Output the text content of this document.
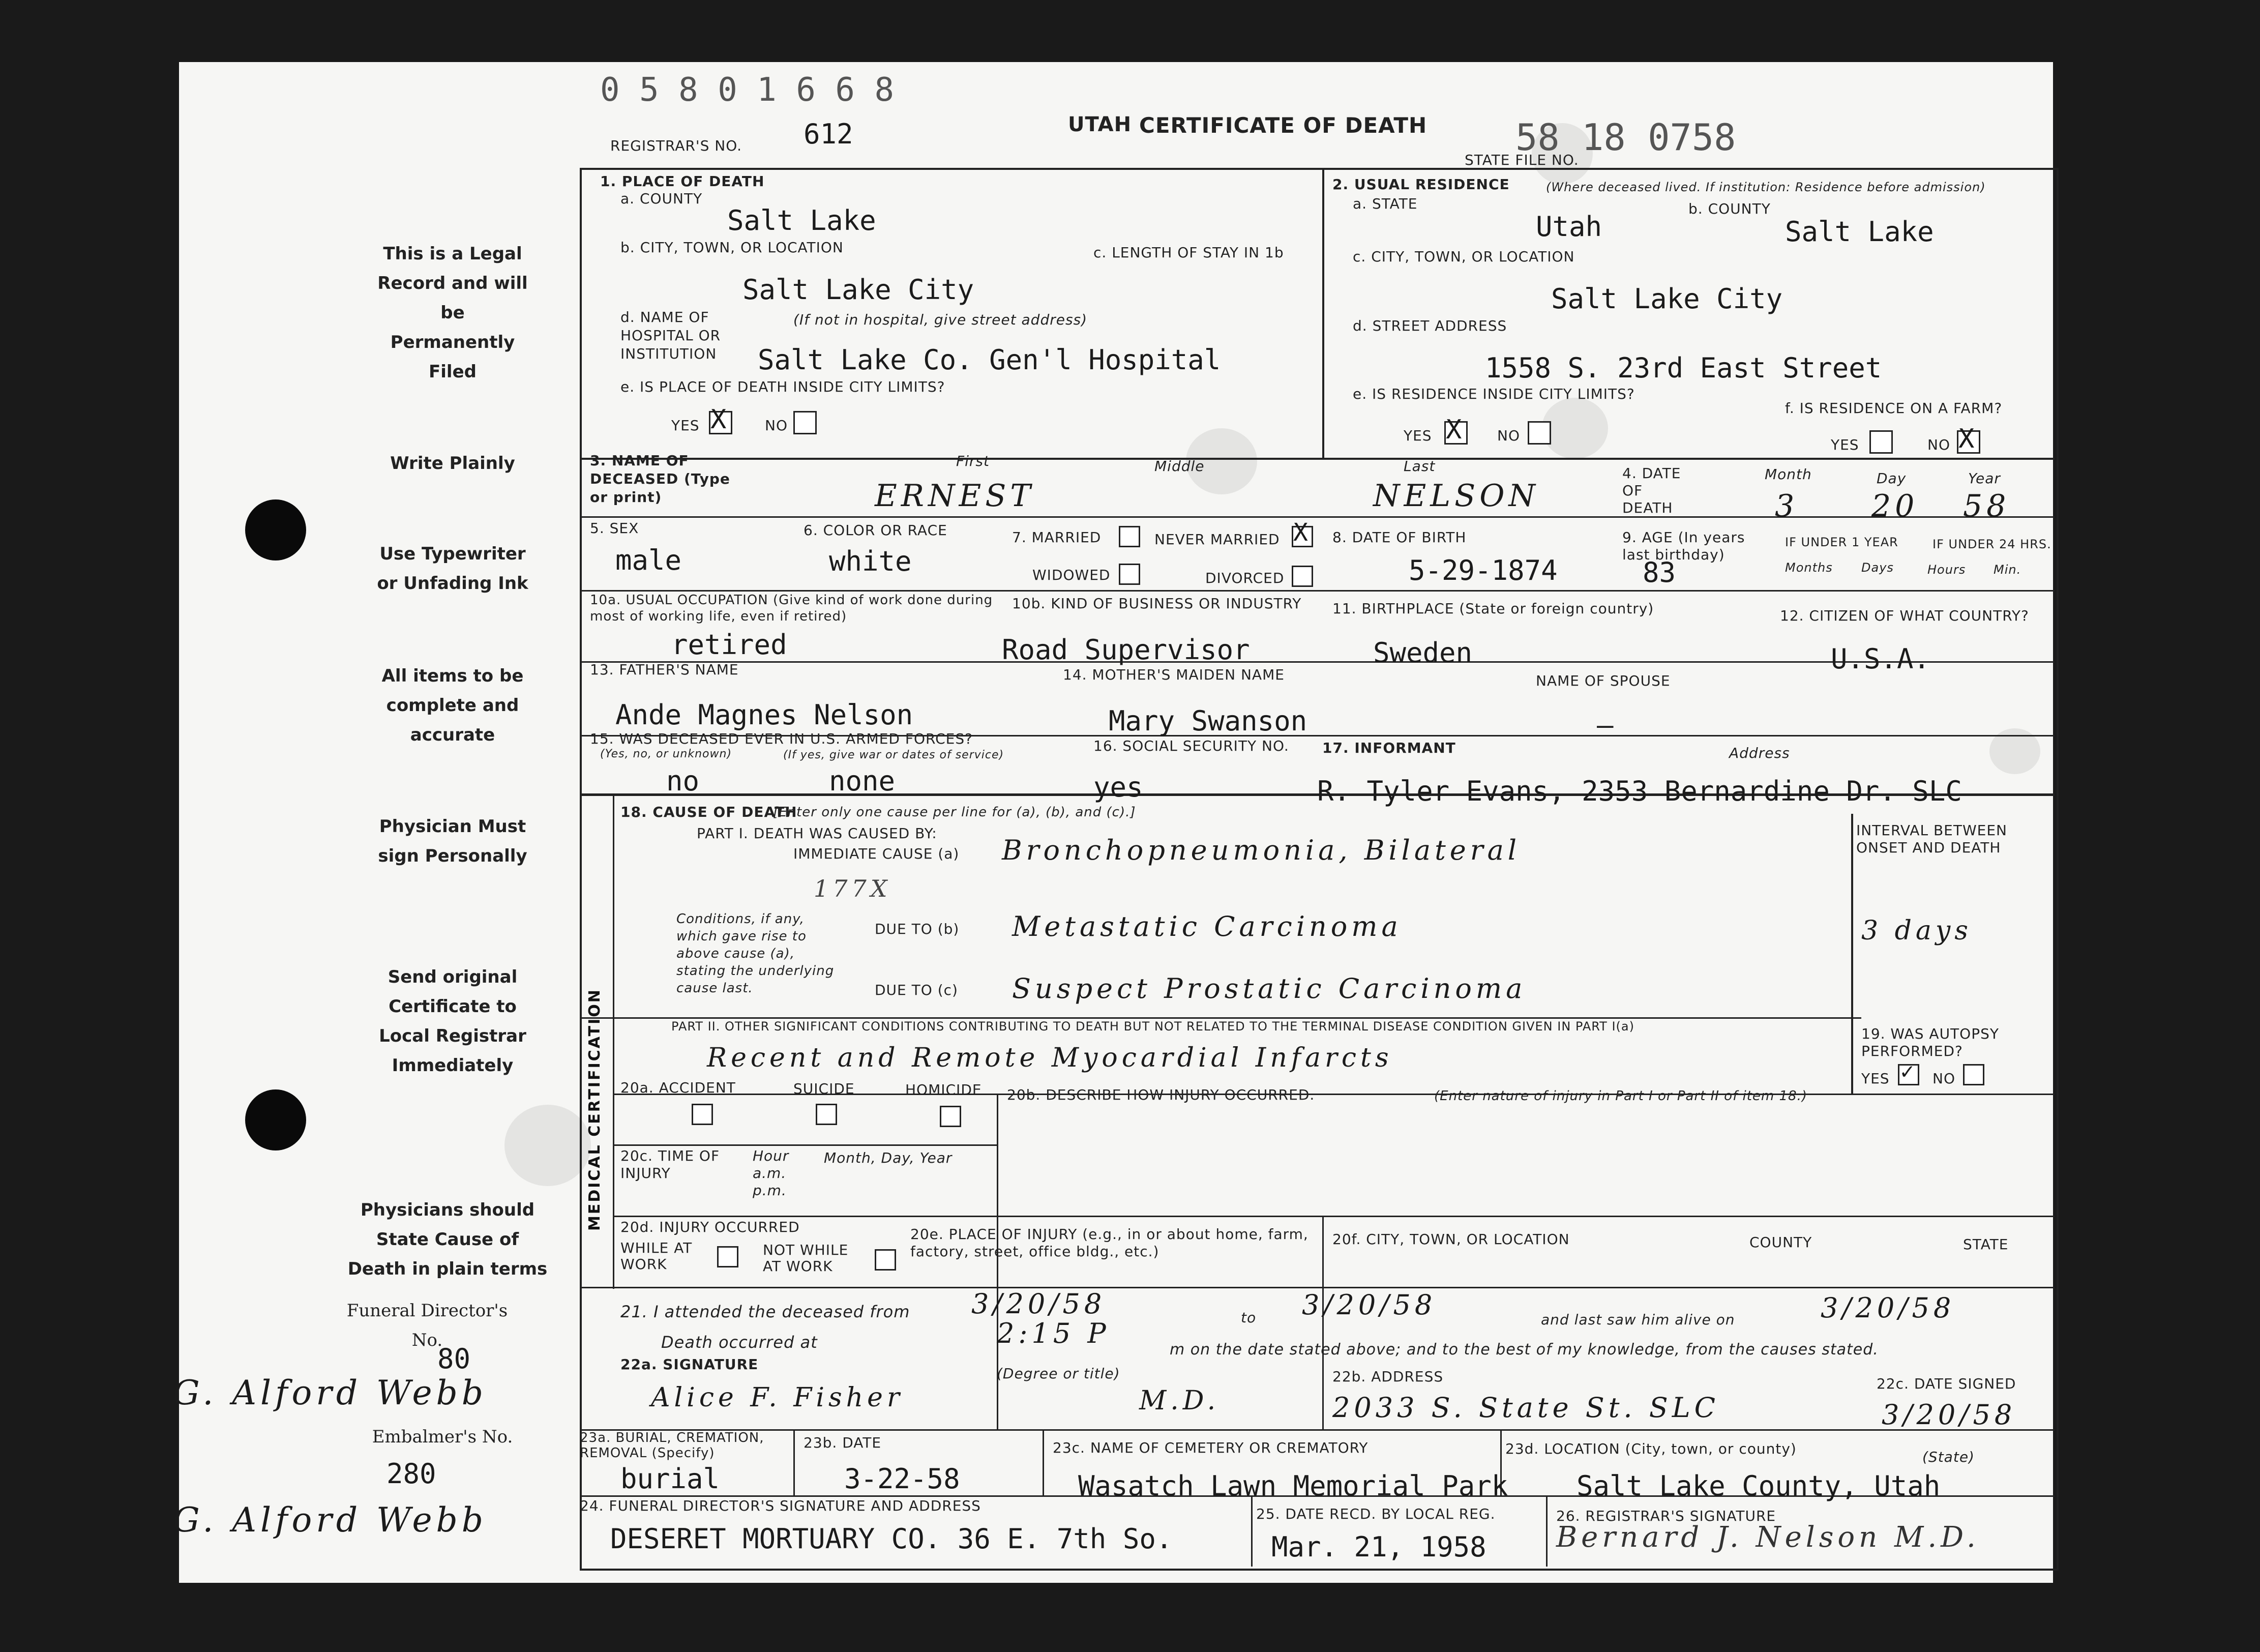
0 5 8 0 1 6 6 8
REGISTRAR'S NO. 612	UTAH CERTIFICATE OF DEATH 58 18 0758
STATE FILE NO.
This is a Legal Record and will be Permanently Filed
Write Plainly
Use Typewriter or Unfading Ink
All items to be complete and accurate
Physician Must sign Personally
Send original Certificate to Local Registrar Immediately
Physicians should State Cause of Death in plain terms
Funeral Director's No.
80
G. Alford Webb
Embalmer's No.
280
G. Alford Webb
1. PLACE OF DEATH
a. COUNTY
Salt Lake
b. CITY, TOWN, OR LOCATION
Salt Lake City
c. LENGTH OF STAY IN 1b
d. NAME OF HOSPITAL OR INSTITUTION
(If not in hospital, give street address)
Salt Lake Co. Gen'l Hospital
e. IS PLACE OF DEATH INSIDE CITY LIMITS?
YES X	NO
2. USUAL RESIDENCE	(Where deceased lived. If institution: Residence before admission)
a. STATE
Utah
b. COUNTY
Salt Lake
c. CITY, TOWN, OR LOCATION
Salt Lake City
d. STREET ADDRESS
1558 S. 23rd East Street
e. IS RESIDENCE INSIDE CITY LIMITS?
YES X NO
f. IS RESIDENCE ON A FARM?
YES	NO X
3. NAME OF DECEASED (Type or print)
First	Middle	Last
ERNEST	NELSON
4. DATE OF DEATH
Month	Day	Year
3 20 58
5. SEX
male
6. COLOR OR RACE
white
7. MARRIED	NEVER MARRIED X
WIDOWED	DIVORCED
8. DATE OF BIRTH
5-29-1874
9. AGE (In years last birthday)
83
IF UNDER 1 YEAR	IF UNDER 24 HRS.
Months Days	Hours Min.
10a. USUAL OCCUPATION (Give kind of work done during most of working life, even if retired)
retired
10b. KIND OF BUSINESS OR INDUSTRY
Road Supervisor
11. BIRTHPLACE (State or foreign country)
Sweden
12. CITIZEN OF WHAT COUNTRY?
U.S.A.
13. FATHER'S NAME
Ande Magnes Nelson
14. MOTHER'S MAIDEN NAME
Mary Swanson
NAME OF SPOUSE
—
15. WAS DECEASED EVER IN U.S. ARMED FORCES?
(Yes, no, or unknown)
no
(If yes, give war or dates of service)
none
16. SOCIAL SECURITY NO.
yes
17. INFORMANT	Address
R. Tyler Evans, 2353 Bernardine Dr. SLC
MEDICAL CERTIFICATION
18. CAUSE OF DEATH
[Enter only one cause per line for (a), (b), and (c).]
PART I. DEATH WAS CAUSED BY:
IMMEDIATE CAUSE (a) Bronchopneumonia, Bilateral
177X
Conditions, if any, which gave rise to above cause (a), stating the underlying cause last.
DUE TO (b) Metastatic Carcinoma
DUE TO (c) Suspect Prostatic Carcinoma
INTERVAL BETWEEN ONSET AND DEATH
3 days
PART II. OTHER SIGNIFICANT CONDITIONS CONTRIBUTING TO DEATH BUT NOT RELATED TO THE TERMINAL DISEASE CONDITION GIVEN IN PART I(a)
Recent and Remote Myocardial Infarcts
19. WAS AUTOPSY PERFORMED?
YES ✓ NO
20a. ACCIDENT	SUICIDE	HOMICIDE 20b. DESCRIBE HOW INJURY OCCURRED.	(Enter nature of injury in Part I or Part II of item 18.)
20c. TIME OF INJURY
Hour a.m. p.m.
Month, Day, Year
20d. INJURY OCCURRED
WHILE AT WORK
NOT WHILE AT WORK
20e. PLACE OF INJURY (e.g., in or about home, farm, factory, street, office bldg., etc.)
20f. CITY, TOWN, OR LOCATION	COUNTY	STATE
21. I attended the deceased from 3/20/58	to 3/20/58	and last saw him alive on	3/20/58
Death occurred at	2:15 P
m on the date stated above; and to the best of my knowledge, from the causes stated.
22a. SIGNATURE
(Degree or title)
Alice F. Fisher	M.D.
22b. ADDRESS
2033 S. State St. SLC
22c. DATE SIGNED
3/20/58
23a. BURIAL, CREMATION, REMOVAL (Specify)
burial
23b. DATE
3-22-58
23c. NAME OF CEMETERY OR CREMATORY
Wasatch Lawn Memorial Park
23d. LOCATION (City, town, or county)	(State)
Salt Lake County, Utah
24. FUNERAL DIRECTOR'S SIGNATURE AND ADDRESS
DESERET MORTUARY CO. 36 E. 7th So.
25. DATE RECD. BY LOCAL REG.
Mar. 21, 1958
26. REGISTRAR'S SIGNATURE
Bernard J. Nelson M.D.
